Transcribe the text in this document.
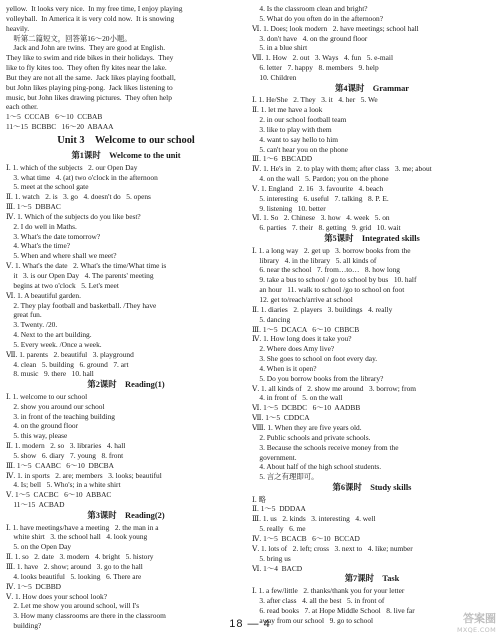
yellow.  It looks very nice.  In my free time, I enjoy playing
volleyball.  In America it is very cold now.  It is snowing
heavily.
听第二篇短文，回答第16～20小题。
Jack and John are twins.  They are good at English.
They like to swim and ride bikes in their holidays.  They
like to fly kites too.  They often fly kites near the lake.
But they are not all the same.  Jack likes playing football,
but John likes playing ping-pong.  Jack likes listening to
music, but John likes drawing pictures.  They often help
each other.
1～5  CCCAB   6～10  CCBAB
11～15  BCBBC   16～20  ABAAA
Unit 3    Welcome to our school
第1课时    Welcome to the unit
Ⅰ. 1. which of the subjects   2. our Open Day
3. what time   4. (at) two o'clock in the afternoon
5. meet at the school gate
Ⅱ. 1. watch   2. is   3. go   4. doesn't do   5. opens
Ⅲ. 1～5  DBBAC
Ⅳ. 1. Which of the subjects do you like best?
2. I do well in Maths.
3. What's the date tomorrow?
4. What's the time?
5. When and where shall we meet?
Ⅴ. 1. What's the date   2. What's the time/What time is
it   3. is our Open Day   4. The parents' meeting
begins at two o'clock   5. Let's meet
Ⅵ. 1. A beautiful garden.
2. They play football and basketball. /They have
great fun.
3. Twenty. /20.
4. Next to the art building.
5. Every week. /Once a week.
Ⅶ. 1. parents   2. beautiful   3. playground
4. clean   5. building   6. ground   7. art
8. music   9. there   10. hall
第2课时    Reading(1)
Ⅰ. 1. welcome to our school
2. show you around our school
3. in front of the teaching building
4. on the ground floor
5. this way, please
Ⅱ. 1. modern   2. so   3. libraries   4. hall
5. show   6. diary   7. young   8. front
Ⅲ. 1～5  CAABC   6～10  DBCBA
Ⅳ. 1. in sports   2. are; members   3. looks; beautiful
4. Is; bell   5. Who's; in a white shirt
Ⅴ. 1～5  CACBC   6～10  ABBAC
11～15  ACBAD
第3课时    Reading(2)
Ⅰ. 1. have meetings/have a meeting   2. the man in a
white shirt   3. the school hall   4. look young
5. on the Open Day
Ⅱ. 1. so   2. date   3. modern   4. bright   5. history
Ⅲ. 1. have   2. show; around   3. go to the hall
4. looks beautiful   5. looking   6. There are
Ⅳ. 1～5  DCBBD
Ⅴ. 1. How does your school look?
2. Let me show you around school, will I's
3. How many classrooms are there in the classroom
building?
4. Is the classroom clean and bright?
5. What do you often do in the afternoon?
Ⅵ. 1. Does; look modern   2. have meetings; school hall
3. don't have   4. on the ground floor
5. in a blue shirt
Ⅶ. 1. How   2. out   3. Ways   4. fun   5. e-mail
6. letter   7. happy   8. members   9. help
10. Children
第4课时    Grammar
Ⅰ. 1. He/She   2. They   3. it   4. her   5. We
Ⅱ. 1. let me have a look
2. in our school football team
3. like to play with them
4. want to say hello to him
5. can't hear you on the phone
Ⅲ. 1～6  BBCADD
Ⅳ. 1. He's in   2. to play with them; after class   3. me; about
4. on the wall   5. Pardon; you on the phone
Ⅴ. 1. England   2. 16   3. favourite   4. beach
5. interesting   6. useful   7. talking   8. P. E.
9. listening   10. better
Ⅵ. 1. So   2. Chinese   3. how   4. week   5. on
6. parties   7. their   8. getting   9. grid   10. wait
第5课时    Integrated skills
Ⅰ. 1. a long way   2. get up   3. borrow books from the
library   4. in the library   5. all kinds of
6. near the school   7. from…to…   8. how long
9. take a bus to school / go to school by bus   10. half
an hour   11. walk to school /go to school on foot
12. get to/reach/arrive at school
Ⅱ. 1. diaries   2. players   3. buildings   4. really
5. dancing
Ⅲ. 1～5  DCACA   6～10  CBBCB
Ⅳ. 1. How long does it take you?
2. Where does Amy live?
3. She goes to school on foot every day.
4. When is it open?
5. Do you borrow books from the library?
Ⅴ. 1. all kinds of   2. show me around   3. borrow; from
4. in front of   5. on the wall
Ⅵ. 1～5  DCBDC   6～10  AADBB
Ⅶ. 1～5  CDDCA
Ⅷ. 1. When they are five years old.
2. Public schools and private schools.
3. Because the schools receive money from the
government.
4. About half of the high school students.
5. 言之有理即可。
第6课时    Study skills
Ⅰ. 略
Ⅱ. 1～5  DDDAA
Ⅲ. 1. us   2. kinds   3. interesting   4. well
5. really   6. me
Ⅳ. 1～5  BCACB   6～10  BCCAD
Ⅴ. 1. lots of   2. left; cross   3. next to   4. like; number
5. bring us
Ⅵ. 1～4  BACD
第7课时    Task
Ⅰ. 1. a few/little   2. thanks/thank you for your letter
3. after class   4. all the best   5. in front of
6. read books   7. at Hope Middle School   8. live far
away from our school   9. go to school
18 — 4	答案圈
MXQE.COM
